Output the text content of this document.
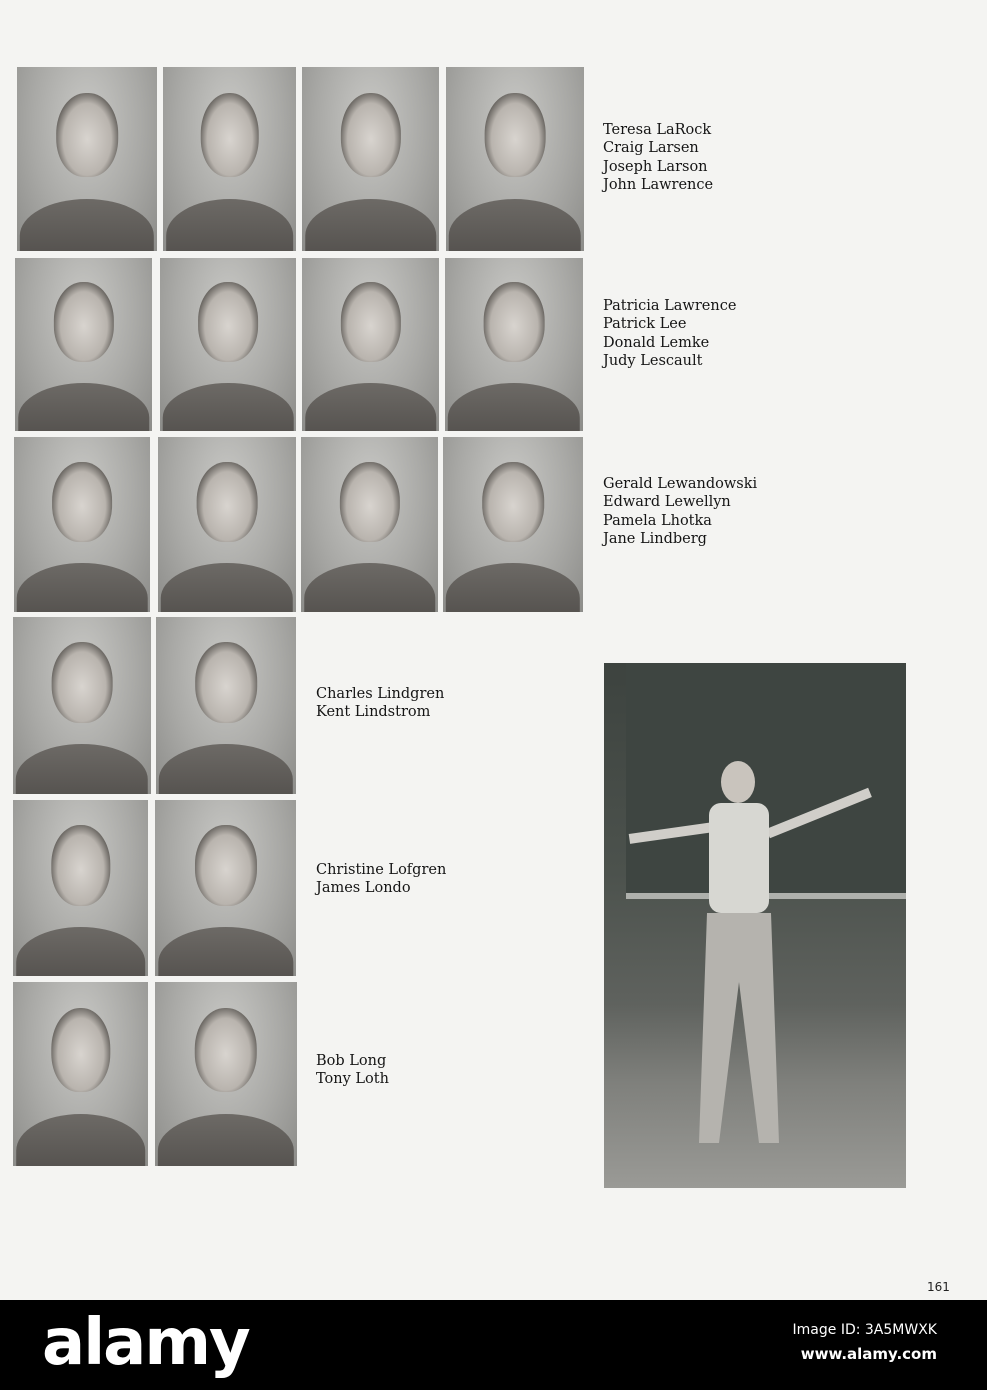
Teresa LaRock
Craig Larsen
Joseph Larson
John Lawrence
Patricia Lawrence
Patrick Lee
Donald Lemke
Judy Lescault
Gerald Lewandowski
Edward Lewellyn
Pamela Lhotka
Jane Lindberg
Charles Lindgren
Kent Lindstrom
Christine Lofgren
James Londo
Bob Long
Tony Loth
161
alamy	Image ID: 3A5MWXK
www.alamy.com
